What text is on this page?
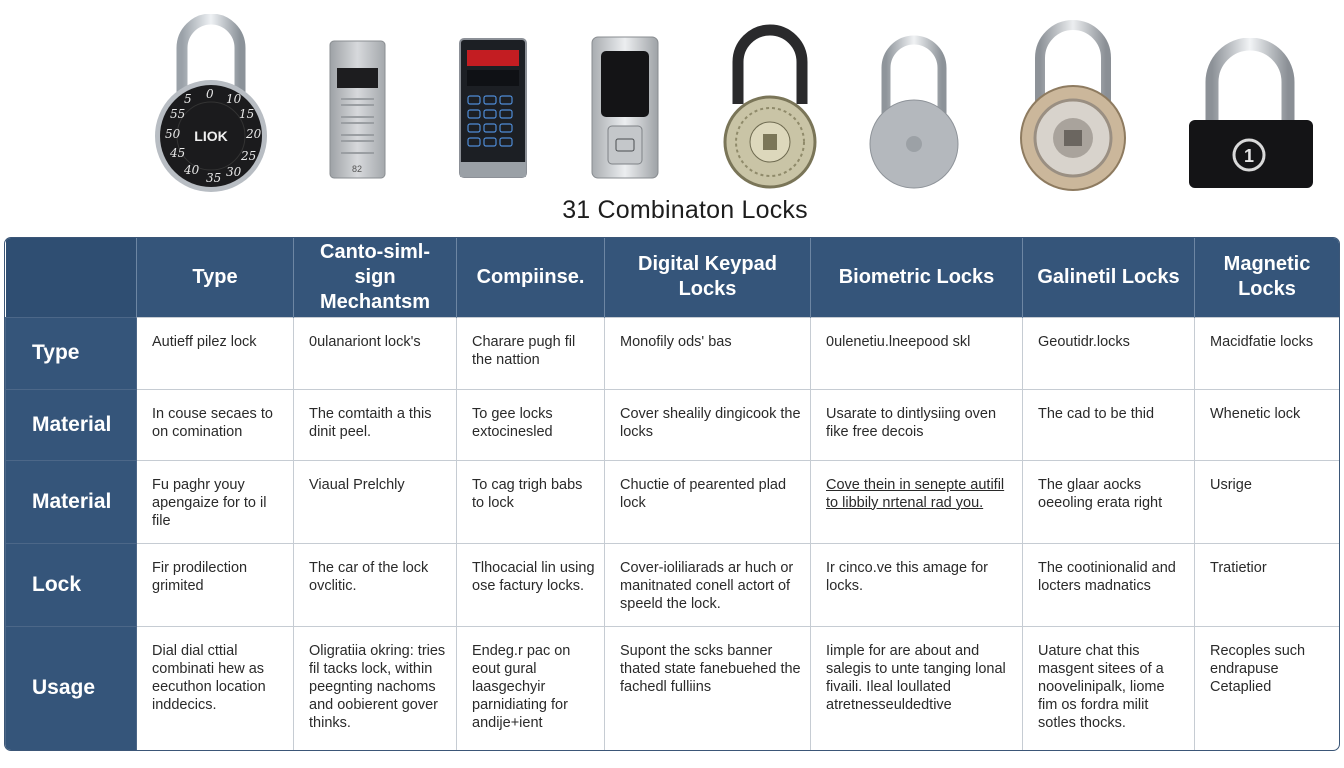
0 10
15
20
25
30
35
40
45
50
55
5
LIOK
82
1
31 Combinaton Locks
	Type	Canto-siml-sign Mechantsm	Compiinse.	Digital Keypad Locks	Biometric Locks	Galinetil Locks	Magnetic Locks
Type	Autieff pilez lock	0ulanariont lock's	Charare pugh fil the nattion	Monofily ods' bas	0ulenetiu.lneepood skl	Geoutidr.locks	Macidfatie locks
Material	In couse secaes to on comination	The comtaith a this dinit peel.	To gee locks extocinesled	Cover shealily dingicook the locks	Usarate to dintlysiing oven fike free decois	The cad to be thid	Whenetic lock
Material	Fu paghr youy apengaize for to il file	Viaual Prelchly	To cag trigh babs to lock	Chuctie of pearented plad lock	Cove thein in senepte autifil to libbily nrtenal rad you.	The glaar aocks oeeoling erata right	Usrige
Lock	Fir prodilection grimited	The car of the lock ovclitic.	Tlhocacial lin using ose factury locks.	Cover-ioliliarads ar huch or manitnated conell actort of speeld the lock.	Ir cinco.ve this amage for locks.	The cootinionalid and locters madnatics	Tratietior
Usage	Dial dial cttial combinati hew as eecuthon location inddecics.	Oligratiia okring: tries fil tacks lock, within peegnting nachoms and oobierent gover thinks.	Endeg.r pac on eout gural laasgechyir parnidiating for andije+ient	Supont the scks banner thated state fanebuehed the fachedl fulliins	Iimple for are about and salegis to unte tanging lonal fivaili. Ileal loullated atretnesseuldedtive	Uature chat this masgent sitees of a noovelinipalk, liome fim os fordra milit sotles thocks.	Recoples such endrapuse Cetaplied
